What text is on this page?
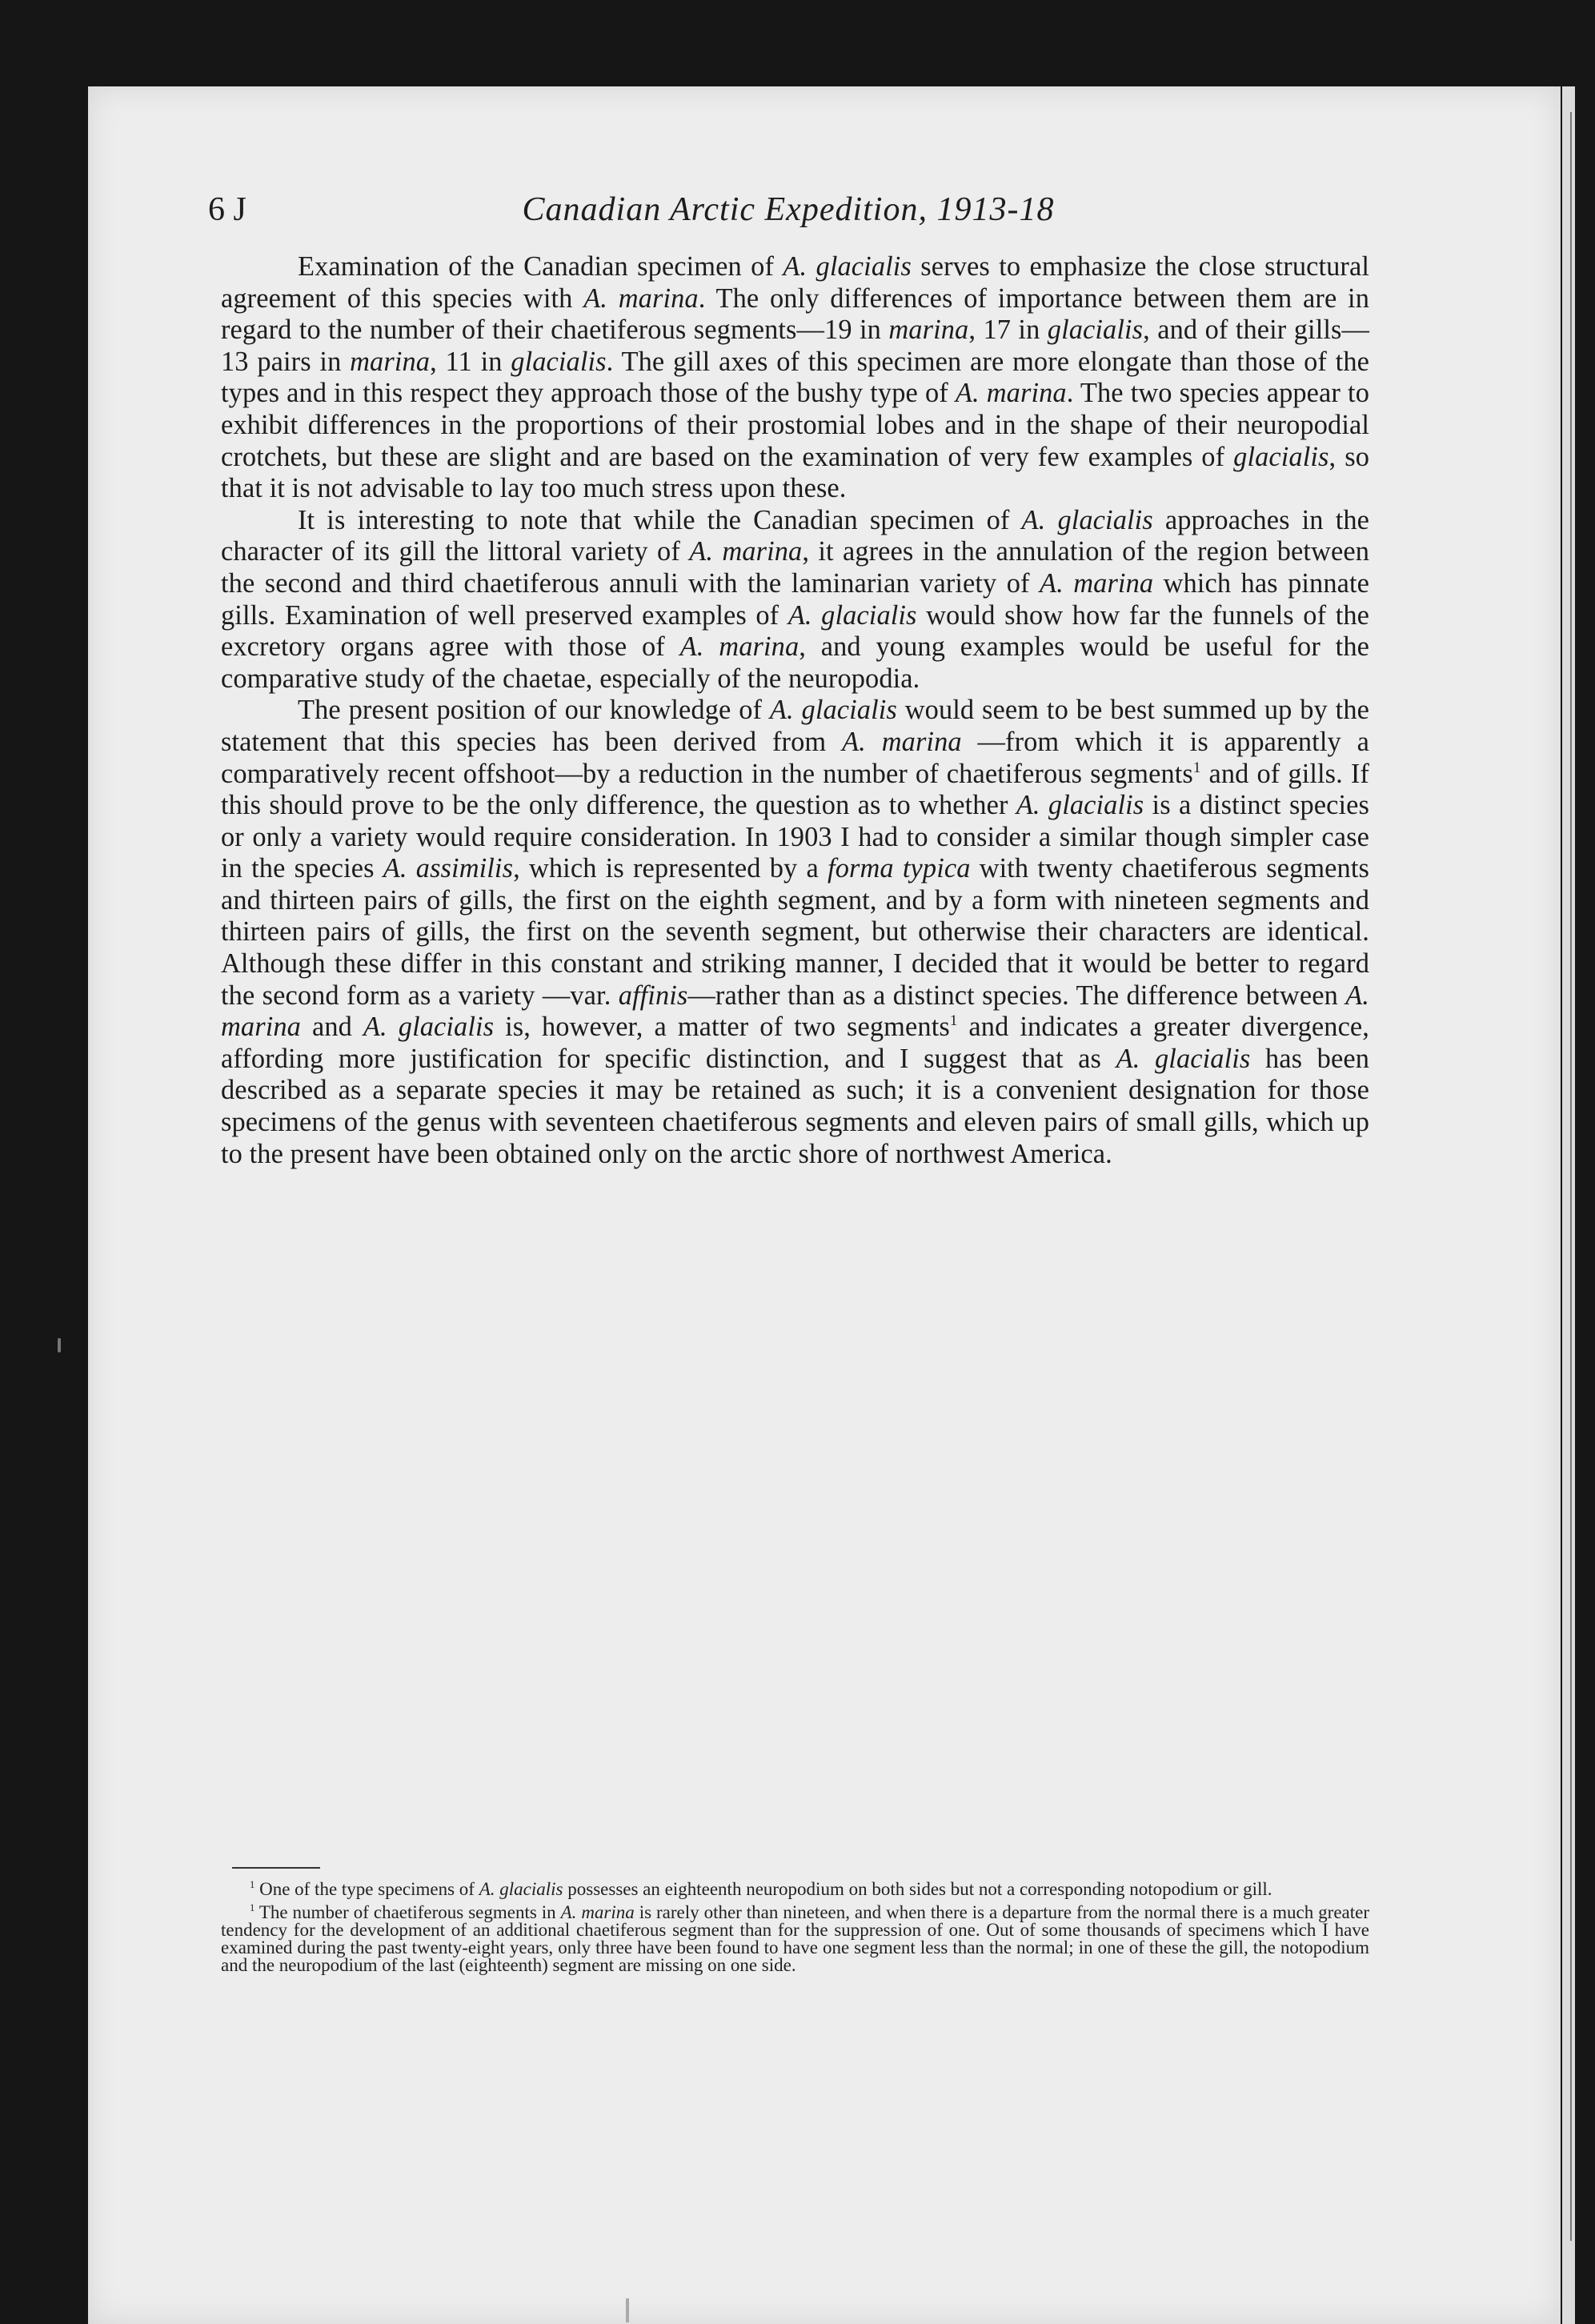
6 J	Canadian Arctic Expedition, 1913-18

Examination of the Canadian specimen of A. glacialis serves to emphasize the close structural agreement of this species with A. marina. The only differences of importance between them are in regard to the number of their chaetiferous segments—19 in marina, 17 in glacialis, and of their gills—13 pairs in marina, 11 in glacialis. The gill axes of this specimen are more elongate than those of the types and in this respect they approach those of the bushy type of A. marina. The two species appear to exhibit differences in the proportions of their prostomial lobes and in the shape of their neuropodial crotchets, but these are slight and are based on the examination of very few examples of glacialis, so that it is not advisable to lay too much stress upon these.

It is interesting to note that while the Canadian specimen of A. glacialis approaches in the character of its gill the littoral variety of A. marina, it agrees in the annulation of the region between the second and third chaetiferous annuli with the laminarian variety of A. marina which has pinnate gills. Examination of well preserved examples of A. glacialis would show how far the funnels of the excretory organs agree with those of A. marina, and young examples would be useful for the comparative study of the chaetae, especially of the neuropodia.

The present position of our knowledge of A. glacialis would seem to be best summed up by the statement that this species has been derived from A. marina —from which it is apparently a comparatively recent offshoot—by a reduction in the number of chaetiferous segments$^1$ and of gills. If this should prove to be the only difference, the question as to whether A. glacialis is a distinct species or only a variety would require consideration. In 1903 I had to consider a similar though simpler case in the species A. assimilis, which is represented by a forma typica with twenty chaetiferous segments and thirteen pairs of gills, the first on the eighth segment, and by a form with nineteen segments and thirteen pairs of gills, the first on the seventh segment, but otherwise their characters are identical. Although these differ in this constant and striking manner, I decided that it would be better to regard the second form as a variety —var. affinis—rather than as a distinct species. The difference between A. marina and A. glacialis is, however, a matter of two segments$^1$ and indicates a greater divergence, affording more justification for specific distinction, and I suggest that as A. glacialis has been described as a separate species it may be retained as such; it is a convenient designation for those specimens of the genus with seventeen chaetiferous segments and eleven pairs of small gills, which up to the present have been obtained only on the arctic shore of northwest America.

$^1$ One of the type specimens of A. glacialis possesses an eighteenth neuropodium on both sides but not a corresponding notopodium or gill.

$^1$ The number of chaetiferous segments in A. marina is rarely other than nineteen, and when there is a departure from the normal there is a much greater tendency for the development of an additional chaetiferous segment than for the suppression of one. Out of some thousands of specimens which I have examined during the past twenty-eight years, only three have been found to have one segment less than the normal; in one of these the gill, the notopodium and the neuropodium of the last (eighteenth) segment are missing on one side.
